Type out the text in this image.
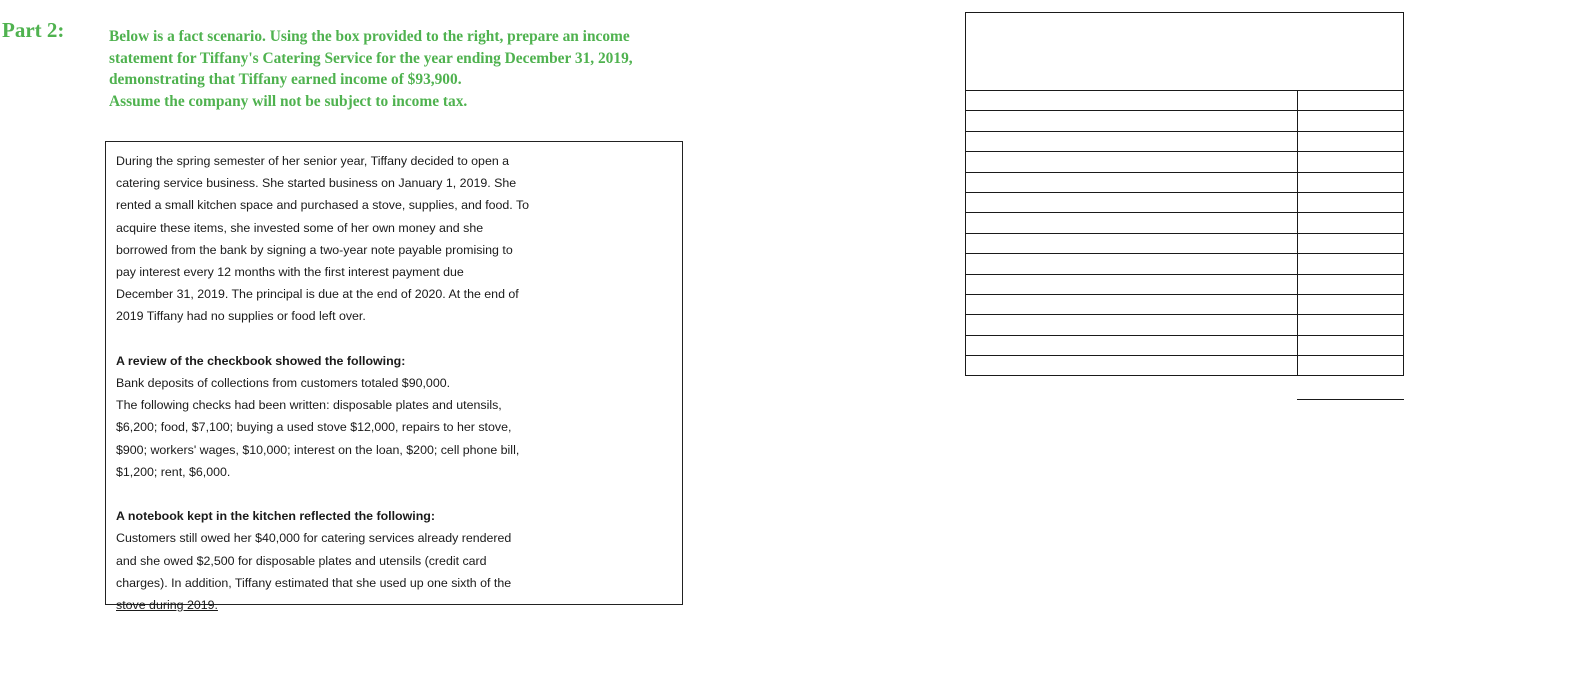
Part 2:	Below is a fact scenario. Using the box provided to the right, prepare an income
statement for Tiffany's Catering Service for the year ending December 31, 2019,
demonstrating that Tiffany earned income of $93,900.
Assume the company will not be subject to income tax.
During the spring semester of her senior year, Tiffany decided to open a
catering service business. She started business on January 1, 2019. She
rented a small kitchen space and purchased a stove, supplies, and food. To
acquire these items, she invested some of her own money and she
borrowed from the bank by signing a two-year note payable promising to
pay interest every 12 months with the first interest payment due
December 31, 2019. The principal is due at the end of 2020. At the end of
2019 Tiffany had no supplies or food left over.
A review of the checkbook showed the following:
Bank deposits of collections from customers totaled $90,000.
The following checks had been written: disposable plates and utensils,
$6,200; food, $7,100; buying a used stove $12,000, repairs to her stove,
$900; workers' wages, $10,000; interest on the loan, $200; cell phone bill,
$1,200; rent, $6,000.
A notebook kept in the kitchen reflected the following:
Customers still owed her $40,000 for catering services already rendered
and she owed $2,500 for disposable plates and utensils (credit card
charges). In addition, Tiffany estimated that she used up one sixth of the
stove during 2019.
